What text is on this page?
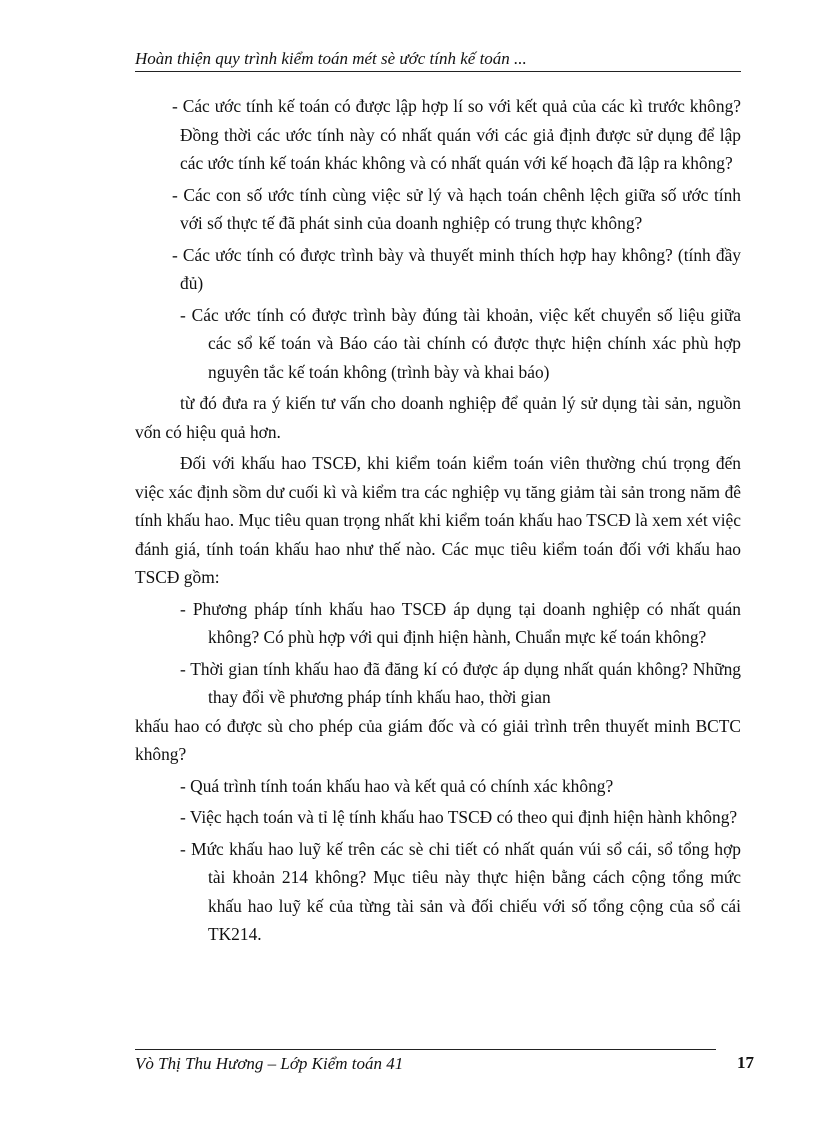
Hoàn thiện quy trình kiểm toán mét sè ước tính kế toán ...
- Các ước tính kế toán có được lập hợp lí so với kết quả của các kì trước không? Đồng thời các ước tính này có nhất quán với các giả định được sử dụng để lập các ước tính kế toán khác không và có nhất quán với kế hoạch đã lập ra không?
- Các con số ước tính cùng việc sử lý và hạch toán chênh lệch giữa số ước tính với số thực tế đã phát sinh của doanh nghiệp có trung thực không?
- Các ước tính có được trình bày và thuyết minh thích hợp hay không? (tính đầy đủ)
- Các ước tính có được trình bày đúng tài khoản, việc kết chuyển số liệu giữa các sổ kế toán và Báo cáo tài chính có được thực hiện chính xác phù hợp nguyên tắc kế toán không (trình bày và khai báo)
từ đó đưa ra ý kiến tư vấn cho doanh nghiệp để quản lý sử dụng tài sản, nguồn vốn có hiệu quả hơn.
Đối với khấu hao TSCĐ, khi kiểm toán kiểm toán viên thường chú trọng đến việc xác định sồm dư cuối kì và kiểm tra các nghiệp vụ tăng giảm tài sản trong năm đê tính khấu hao. Mục tiêu quan trọng nhất khi kiểm toán khấu hao TSCĐ là xem xét việc đánh giá, tính toán khấu hao như thế nào. Các mục tiêu kiểm toán đối với khấu hao TSCĐ gồm:
- Phương pháp tính khấu hao TSCĐ áp dụng tại doanh nghiệp có nhất quán không? Có phù hợp với qui định hiện hành, Chuẩn mực kế toán không?
- Thời gian tính khấu hao đã đăng kí có được áp dụng nhất quán không? Những thay đổi về phương pháp tính khấu hao, thời gian
khấu hao có được sù cho phép của giám đốc và có giải trình trên thuyết minh BCTC không?
- Quá trình tính toán khấu hao và kết quả có chính xác không?
- Việc hạch toán và tỉ lệ tính khấu hao TSCĐ có theo qui định hiện hành không?
- Mức khấu hao luỹ kế trên các sè chi tiết có nhất quán vúi sổ cái, sổ tổng hợp tài khoản 214 không? Mục tiêu này thực hiện bằng cách cộng tổng mức khấu hao luỹ kế của từng tài sản và đối chiếu với số tổng cộng của sổ cái TK214.
Vò Thị Thu Hương – Lớp Kiểm toán 41	17
